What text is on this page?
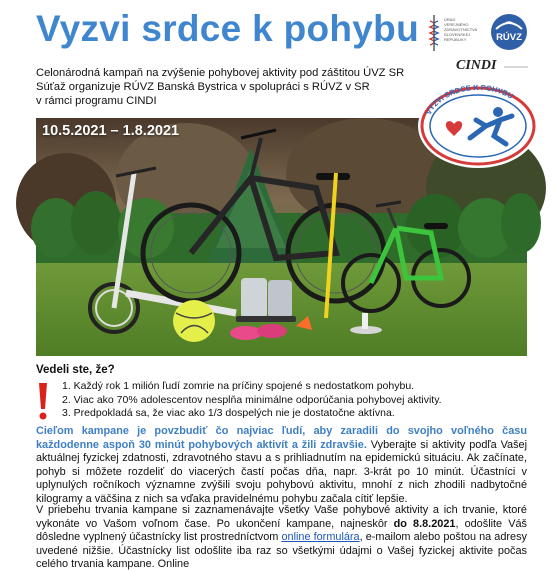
Vyzvi srdce k pohybu	ÚRAD
VEREJNÉHO
ZDRAVOTNÍCTVA
SLOVENSKEJ
REPUBLIKY	RÚVZ
CINDI
Celonárodná kampaň na zvýšenie pohybovej aktivity pod záštitou ÚVZ SR
Súťaž organizuje RÚVZ Banská Bystrica v spolupráci s RÚVZ v SR
v rámci programu CINDI
10.5.2021 – 1.8.2021
VYZVI SRDCE K POHYBU
Vedeli ste, že?
1. Každý rok 1 milión ľudí zomrie na príčiny spojené s nedostatkom pohybu.
2. Viac ako 70% adolescentov nesplňa minimálne odporúčania pohybovej aktivity.
3. Predpokladá sa, že viac ako 1/3 dospelých nie je dostatočne aktívna.

Cieľom kampane je povzbudiť čo najviac ľudí, aby zaradili do svojho voľného času každodenne aspoň 30 minút pohybových aktivít a žili zdravšie. Vyberajte si aktivity podľa Vašej aktuálnej fyzickej zdatnosti, zdravotného stavu a s prihliadnutím na epidemickú situáciu. Ak začínate, pohyb si môžete rozdeliť do viacerých častí počas dňa, napr. 3-krát po 10 minút. Účastníci v uplynulých ročníkoch významne zvýšili svoju pohybovú aktivitu, mnohí z nich zhodili nadbytočné kilogramy a väčšina z nich sa vďaka pravidelnému pohybu začala cítiť lepšie.

V priebehu trvania kampane si zaznamenávajte všetky Vaše pohybové aktivity a ich trvanie, ktoré vykonáte vo Vašom voľnom čase. Po ukončení kampane, najneskôr do 8.8.2021, odošlite Váš dôsledne vyplnený účastnícky list prostredníctvom online formulára, e-mailom alebo poštou na adresy uvedené nižšie. Účastnícky list odošlite iba raz so všetkými údajmi o Vašej fyzickej aktivite počas celého trvania kampane. Online
